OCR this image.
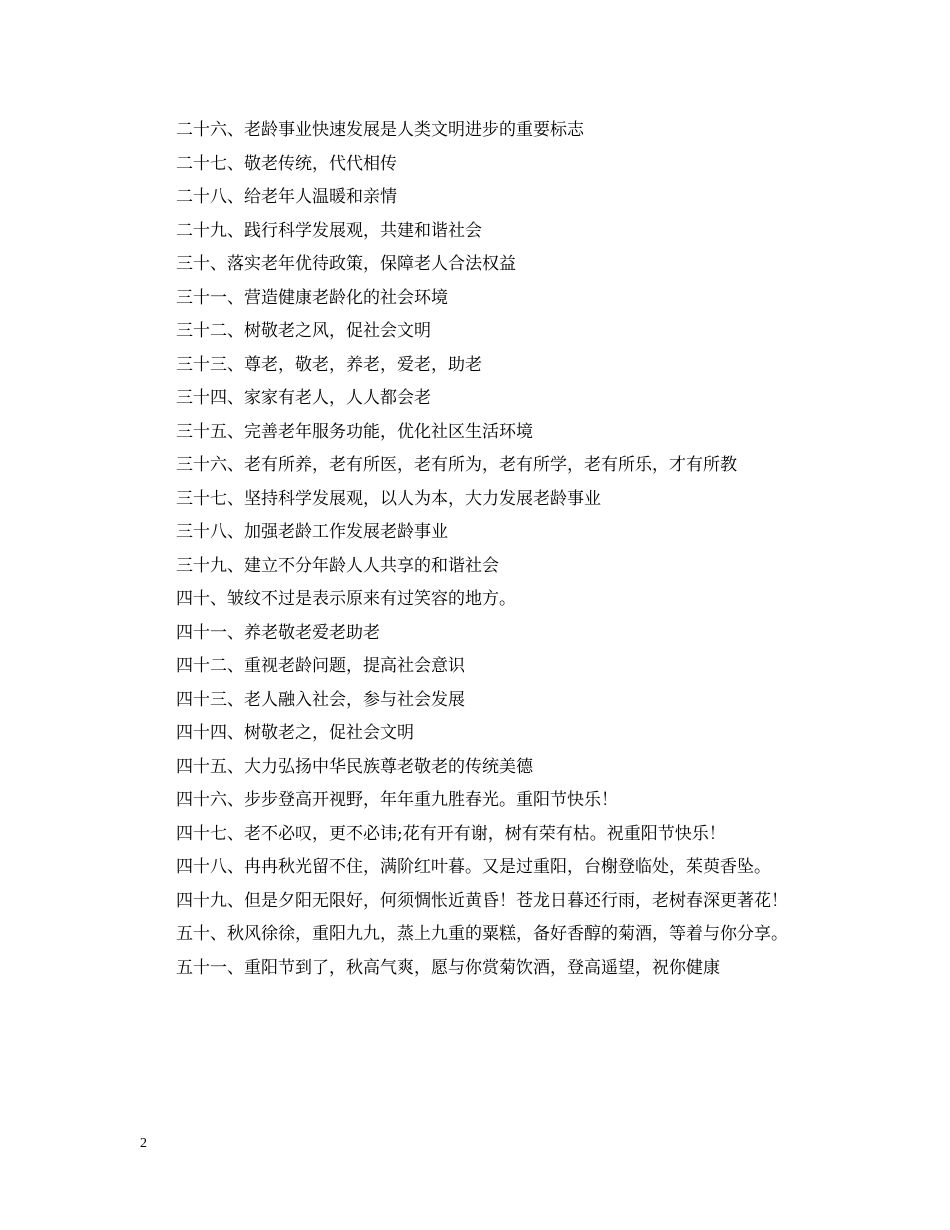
二十六、老龄事业快速发展是人类文明进步的重要标志
二十七、敬老传统，代代相传
二十八、给老年人温暖和亲情
二十九、践行科学发展观，共建和谐社会
三十、落实老年优待政策，保障老人合法权益
三十一、营造健康老龄化的社会环境
三十二、树敬老之风，促社会文明
三十三、尊老，敬老，养老，爱老，助老
三十四、家家有老人，人人都会老
三十五、完善老年服务功能，优化社区生活环境
三十六、老有所养，老有所医，老有所为，老有所学，老有所乐，才有所教
三十七、坚持科学发展观，以人为本，大力发展老龄事业
三十八、加强老龄工作发展老龄事业
三十九、建立不分年龄人人共享的和谐社会
四十、皱纹不过是表示原来有过笑容的地方。
四十一、养老敬老爱老助老
四十二、重视老龄问题，提高社会意识
四十三、老人融入社会，参与社会发展
四十四、树敬老之，促社会文明
四十五、大力弘扬中华民族尊老敬老的传统美德
四十六、步步登高开视野，年年重九胜春光。重阳节快乐！
四十七、老不必叹，更不必讳;花有开有谢，树有荣有枯。祝重阳节快乐！
四十八、冉冉秋光留不住，满阶红叶暮。又是过重阳，台榭登临处，茱萸香坠。
四十九、但是夕阳无限好，何须惆怅近黄昏！苍龙日暮还行雨，老树春深更著花！
五十、秋风徐徐，重阳九九，蒸上九重的粟糕，备好香醇的菊酒，等着与你分享。
五十一、重阳节到了，秋高气爽，愿与你赏菊饮酒，登高遥望，祝你健康
2
